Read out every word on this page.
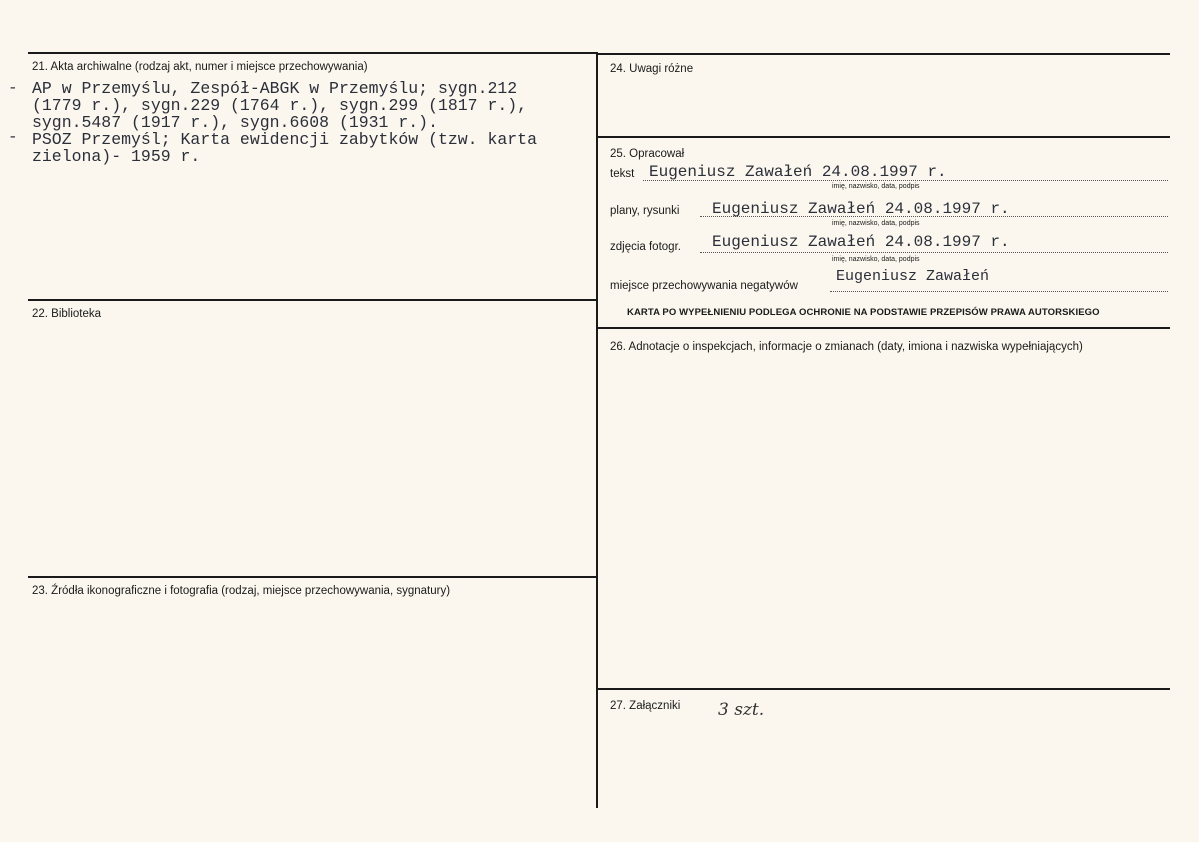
21. Akta archiwalne (rodzaj akt, numer i miejsce przechowywania)
-
-
AP w Przemyślu, Zespół-ABGK w Przemyślu; sygn.212
(1779 r.), sygn.229 (1764 r.), sygn.299 (1817 r.),
sygn.5487 (1917 r.), sygn.6608 (1931 r.).
PSOZ Przemyśl; Karta ewidencji zabytków (tzw. karta
zielona)- 1959 r.
22. Biblioteka
23. Źródła ikonograficzne i fotografia (rodzaj, miejsce przechowywania, sygnatury)
24. Uwagi różne
25. Opracował
tekst Eugeniusz Zawałeń 24.08.1997 r.
imię, nazwisko, data, podpis
plany, rysunki Eugeniusz Zawałeń 24.08.1997 r.
imię, nazwisko, data, podpis
zdjęcia fotogr. Eugeniusz Zawałeń 24.08.1997 r.
imię, nazwisko, data, podpis
miejsce przechowywania negatywów
Eugeniusz Zawałeń
KARTA PO WYPEŁNIENIU PODLEGA OCHRONIE NA PODSTAWIE PRZEPISÓW PRAWA AUTORSKIEGO
26. Adnotacje o inspekcjach, informacje o zmianach (daty, imiona i nazwiska wypełniających)
27. Załączniki 3 szt.
